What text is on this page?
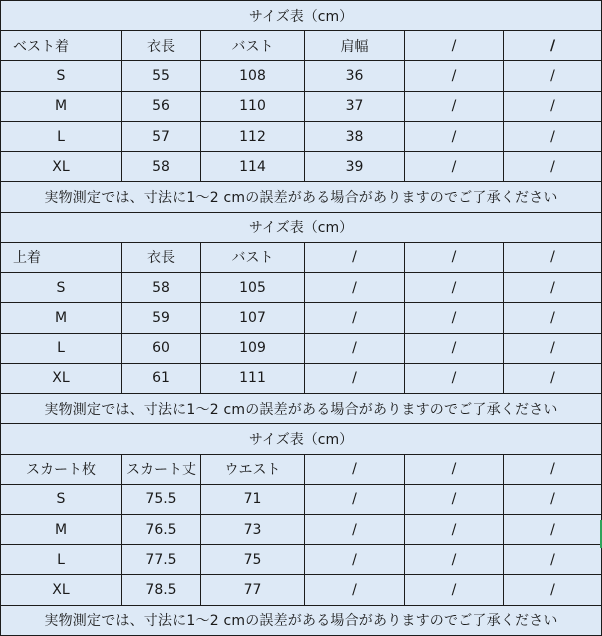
サイズ表（cm）					
ベスト着	衣長	バスト	肩幅	/	/
S	55	108	36	/	/
M	56	110	37	/	/
L	57	112	38	/	/
XL	58	114	39	/	/
実物測定では、寸法に1～2 cmの誤差がある場合がありますのでご了承ください					
サイズ表（cm）					
上着	衣長	バスト	/	/	/
S	58	105	/	/	/
M	59	107	/	/	/
L	60	109	/	/	/
XL	61	111	/	/	/
実物測定では、寸法に1～2 cmの誤差がある場合がありますのでご了承ください					
サイズ表（cm）					
スカート枚	スカート丈	ウエスト	/	/	/
S	75.5	71	/	/	/
M	76.5	73	/	/	/
L	77.5	75	/	/	/
XL	78.5	77	/	/	/
実物測定では、寸法に1～2 cmの誤差がある場合がありますのでご了承ください					
